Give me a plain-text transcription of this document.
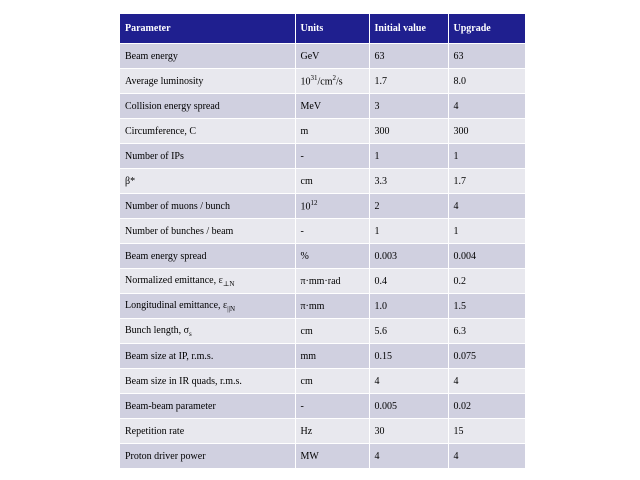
Parameter	Units	Initial value	Upgrade
Beam energy	GeV	63	63
Average luminosity	$10^{31}/cm^2/s$	1.7	8.0
Collision energy spread	MeV	3	4
Circumference, C	m	300	300
Number of IPs	-	1	1
β*	cm	3.3	1.7
Number of muons / bunch	$10^{12}$	2	4
Number of bunches / beam	-	1	1
Beam energy spread	%	0.003	0.004
Normalized emittance, $\varepsilon_{\perp N}$	π·mm·rad	0.4	0.2
Longitudinal emittance, $\varepsilon_{||N}$	π·mm	1.0	1.5
Bunch length, $\sigma_s$	cm	5.6	6.3
Beam size at IP, r.m.s.	mm	0.15	0.075
Beam size in IR quads, r.m.s.	cm	4	4
Beam-beam parameter	-	0.005	0.02
Repetition rate	Hz	30	15
Proton driver power	MW	4	4
